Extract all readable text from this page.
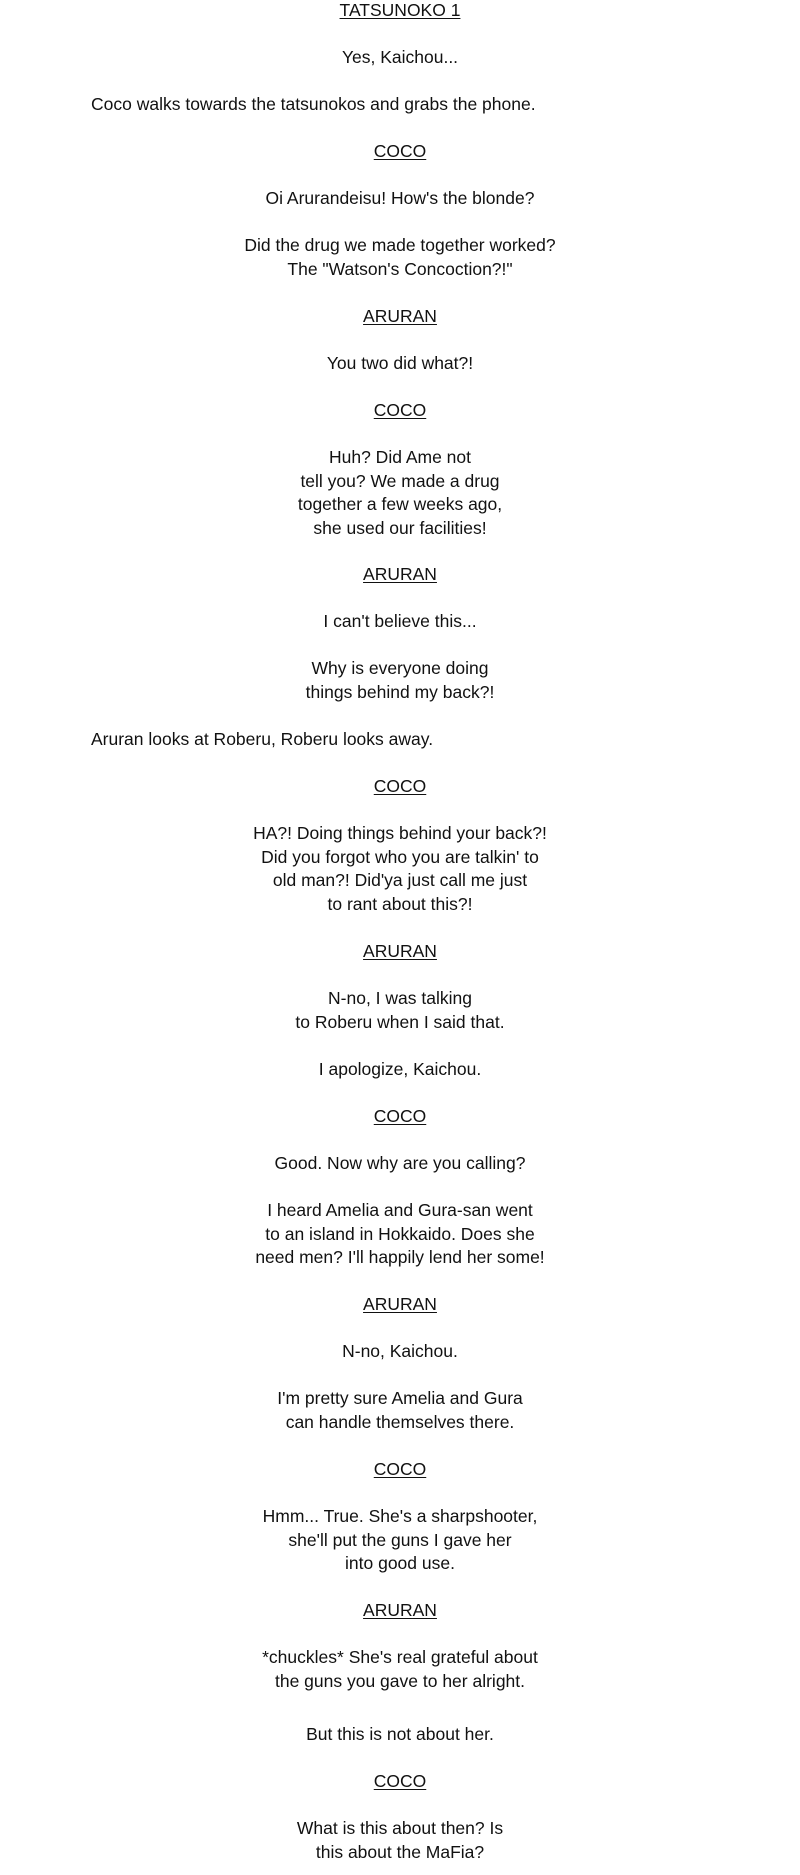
TATSUNOKO 1

Yes, Kaichou...

Coco walks towards the tatsunokos and grabs the phone.

COCO

Oi Arurandeisu! How's the blonde?

Did the drug we made together worked?
The "Watson's Concoction?!"

ARURAN

You two did what?!

COCO

Huh? Did Ame not
tell you? We made a drug
together a few weeks ago,
she used our facilities!

ARURAN

I can't believe this...

Why is everyone doing
things behind my back?!

Aruran looks at Roberu, Roberu looks away.

COCO

HA?! Doing things behind your back?!
Did you forgot who you are talkin' to
old man?! Did'ya just call me just
to rant about this?!

ARURAN

N-no, I was talking
to Roberu when I said that.

I apologize, Kaichou.

COCO

Good. Now why are you calling?

I heard Amelia and Gura-san went
to an island in Hokkaido. Does she
need men? I'll happily lend her some!

ARURAN

N-no, Kaichou.

I'm pretty sure Amelia and Gura
can handle themselves there.

COCO

Hmm... True. She's a sharpshooter,
she'll put the guns I gave her
into good use.

ARURAN

*chuckles* She's real grateful about
the guns you gave to her alright.

But this is not about her.

COCO

What is this about then? Is
this about the MaFia?
